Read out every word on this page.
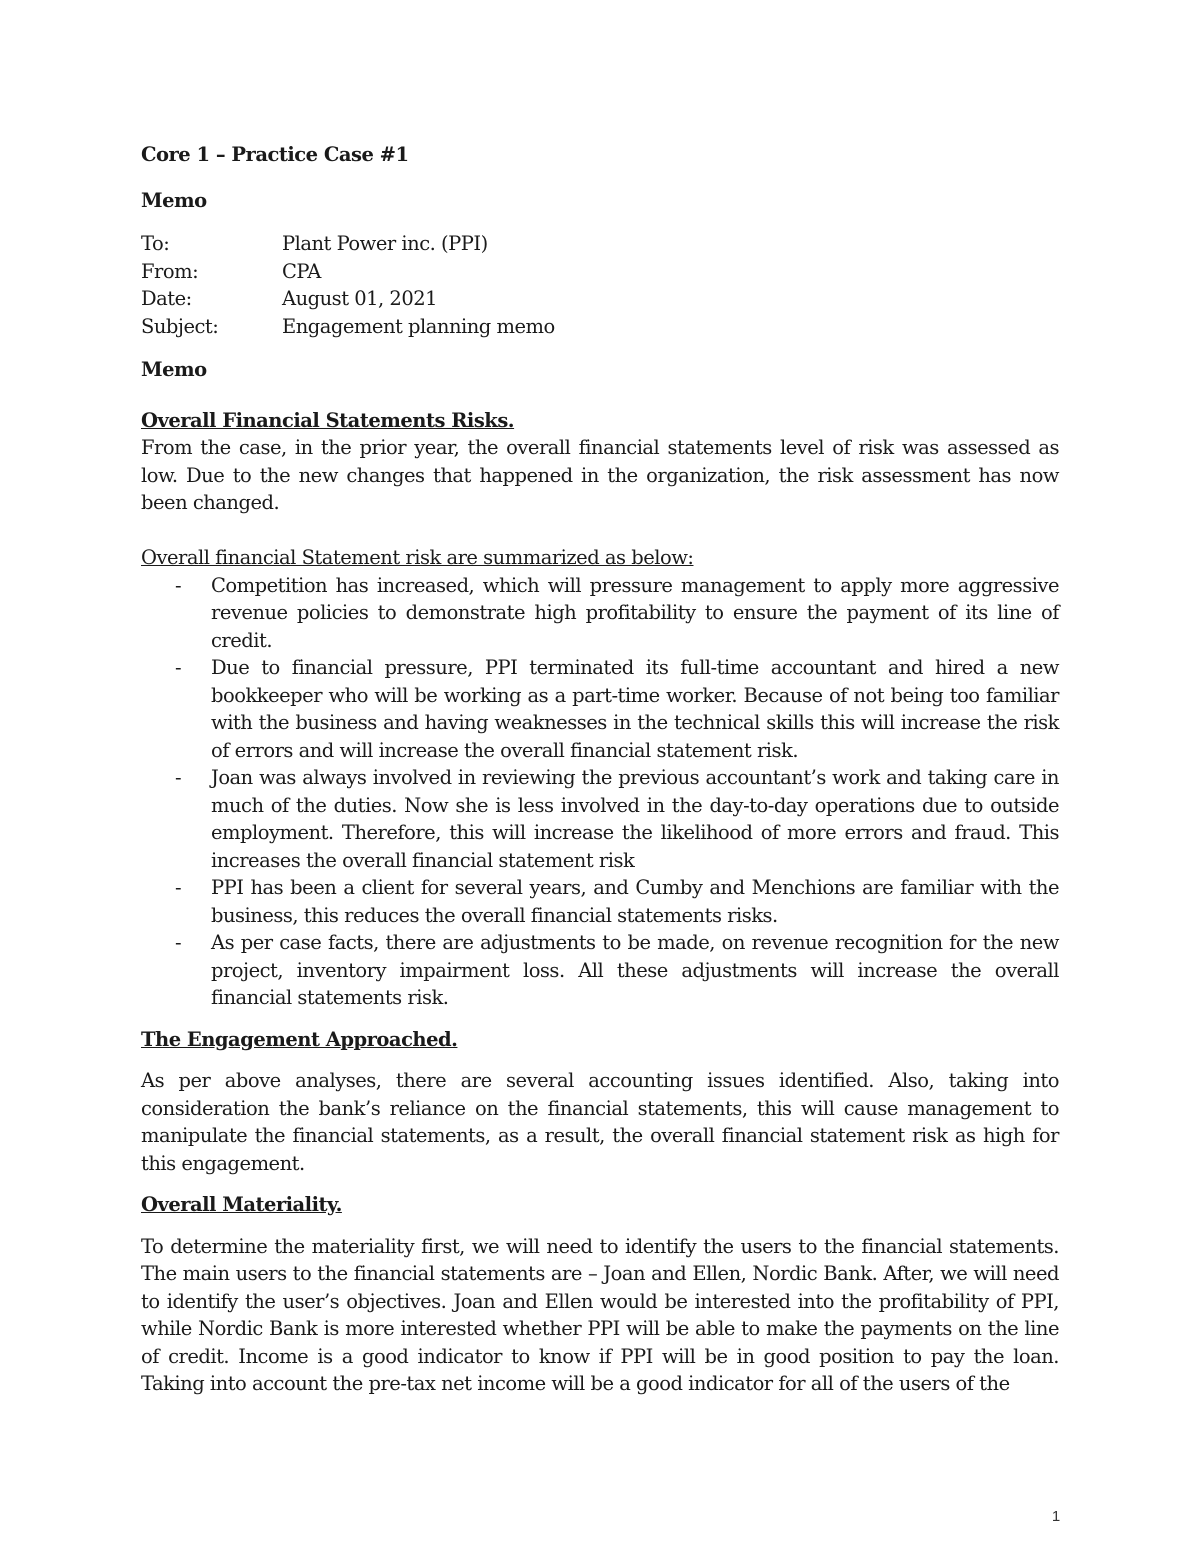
Core 1 – Practice Case #1

Memo

To:	Plant Power inc. (PPI)
From:	CPA
Date:	August 01, 2021
Subject:	Engagement planning memo

Memo

Overall Financial Statements Risks.

From the case, in the prior year, the overall financial statements level of risk was assessed as low. Due to the new changes that happened in the organization, the risk assessment has now been changed.

Overall financial Statement risk are summarized as below:

-	Competition has increased, which will pressure management to apply more aggressive revenue policies to demonstrate high profitability to ensure the payment of its line of credit.
-	Due to financial pressure, PPI terminated its full-time accountant and hired a new bookkeeper who will be working as a part-time worker. Because of not being too familiar with the business and having weaknesses in the technical skills this will increase the risk of errors and will increase the overall financial statement risk.
-	Joan was always involved in reviewing the previous accountant’s work and taking care in much of the duties. Now she is less involved in the day-to-day operations due to outside employment. Therefore, this will increase the likelihood of more errors and fraud. This increases the overall financial statement risk
-	PPI has been a client for several years, and Cumby and Menchions are familiar with the business, this reduces the overall financial statements risks.
-	As per case facts, there are adjustments to be made, on revenue recognition for the new project, inventory impairment loss. All these adjustments will increase the overall financial statements risk.

The Engagement Approached.

As per above analyses, there are several accounting issues identified. Also, taking into consideration the bank’s reliance on the financial statements, this will cause management to manipulate the financial statements, as a result, the overall financial statement risk as high for this engagement.

Overall Materiality.

To determine the materiality first, we will need to identify the users to the financial statements. The main users to the financial statements are – Joan and Ellen, Nordic Bank. After, we will need to identify the user’s objectives. Joan and Ellen would be interested into the profitability of PPI, while Nordic Bank is more interested whether PPI will be able to make the payments on the line of credit. Income is a good indicator to know if PPI will be in good position to pay the loan. Taking into account the pre-tax net income will be a good indicator for all of the users of the

1
